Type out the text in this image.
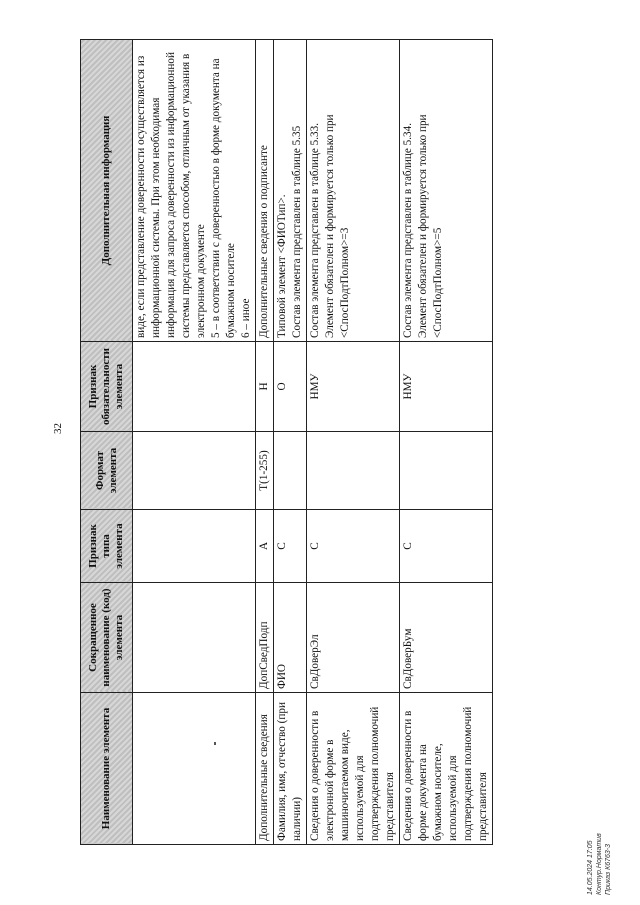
32
Наименование элемента	Сокращенное наименование (код) элемента	Признак типа элемента	Формат элемента	Признак обязательности элемента	Дополнительная информация
					виде, если представление доверенности осуществляется из информационной системы. При этом необходимая информация для запроса доверенности из информационной системы представляется способом, отличным от указания в электронном документе
5 – в соответствии с доверенностью в форме документа на бумажном носителе
6 – иное
Дополнительные сведения	ДопСведПодп	А	T(1-255)	Н	Дополнительные сведения о подписанте
Фамилия, имя, отчество (при наличии)	ФИО	С		О	Типовой элемент <ФИОТип>.
Состав элемента представлен в таблице 5.35
Сведения о доверенности в электронной форме в машиночитаемом виде, используемой для подтверждения полномочий представителя	СвДоверЭл	С		НМУ	Состав элемента представлен в таблице 5.33.
Элемент обязателен и формируется только при <СпосПодтПолном>=3
Сведения о доверенности в форме документа на бумажном носителе, используемой для подтверждения полномочий представителя	СвДоверБум	С		НМУ	Состав элемента представлен в таблице 5.34.
Элемент обязателен и формируется только при <СпосПодтПолном>=5
14.05.2024 17:05 Контур.Норматив Приказ К6763-3
